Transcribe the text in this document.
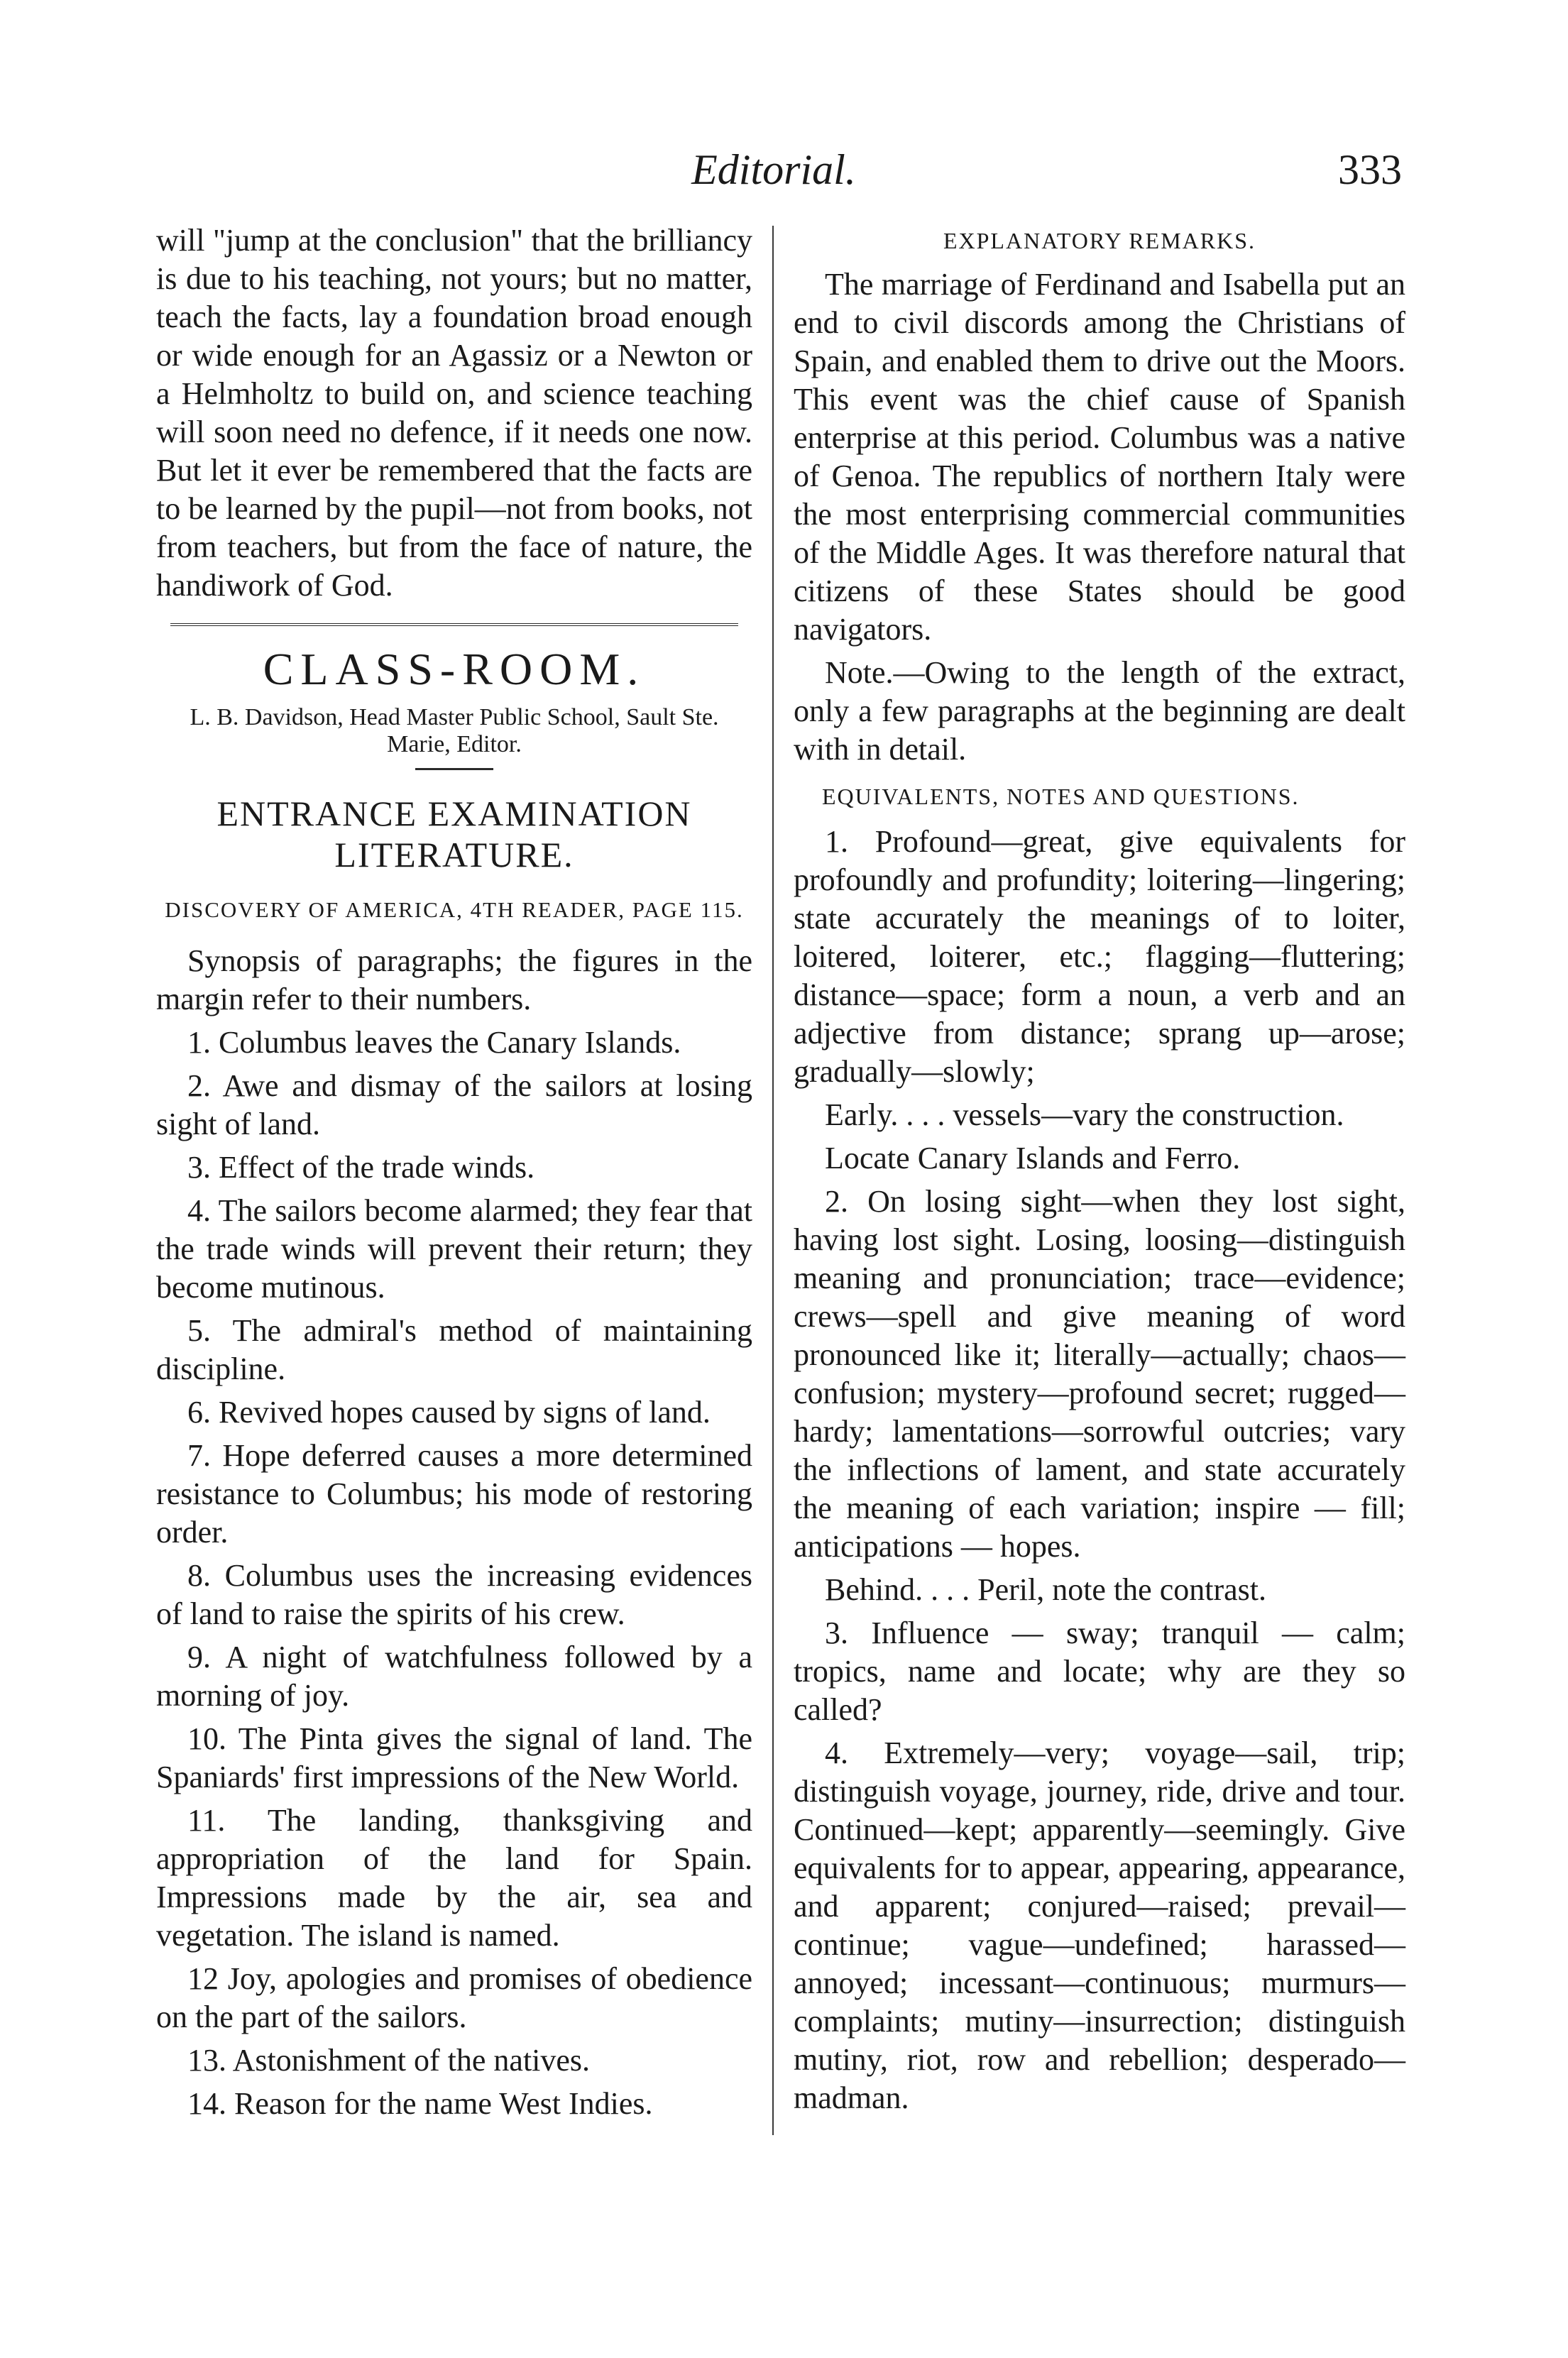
Editorial.	333

will "jump at the conclusion" that the brilliancy is due to his teaching, not yours; but no matter, teach the facts, lay a foundation broad enough or wide enough for an Agassiz or a Newton or a Helmholtz to build on, and science teaching will soon need no defence, if it needs one now. But let it ever be remembered that the facts are to be learned by the pupil—not from books, not from teachers, but from the face of nature, the handiwork of God.

CLASS-ROOM.
L. B. Davidson, Head Master Public School, Sault Ste. Marie, Editor.
ENTRANCE EXAMINATION LITERATURE.
DISCOVERY OF AMERICA, 4TH READER, PAGE 115.

Synopsis of paragraphs; the figures in the margin refer to their numbers.

1. Columbus leaves the Canary Islands.

2. Awe and dismay of the sailors at losing sight of land.

3. Effect of the trade winds.

4. The sailors become alarmed; they fear that the trade winds will prevent their return; they become mutinous.

5. The admiral's method of maintaining discipline.

6. Revived hopes caused by signs of land.

7. Hope deferred causes a more determined resistance to Columbus; his mode of restoring order.

8. Columbus uses the increasing evidences of land to raise the spirits of his crew.

9. A night of watchfulness followed by a morning of joy.

10. The Pinta gives the signal of land. The Spaniards' first impressions of the New World.

11. The landing, thanksgiving and appropriation of the land for Spain. Impressions made by the air, sea and vegetation. The island is named.

12 Joy, apologies and promises of obedience on the part of the sailors.

13. Astonishment of the natives.

14. Reason for the name West Indies.

EXPLANATORY REMARKS.

The marriage of Ferdinand and Isabella put an end to civil discords among the Christians of Spain, and enabled them to drive out the Moors. This event was the chief cause of Spanish enterprise at this period. Columbus was a native of Genoa. The republics of northern Italy were the most enterprising commercial communities of the Middle Ages. It was therefore natural that citizens of these States should be good navigators.

Note.—Owing to the length of the extract, only a few paragraphs at the beginning are dealt with in detail.

EQUIVALENTS, NOTES AND QUESTIONS.

1. Profound—great, give equivalents for profoundly and profundity; loitering—lingering; state accurately the meanings of to loiter, loitered, loiterer, etc.; flagging—fluttering; distance—space; form a noun, a verb and an adjective from distance; sprang up—arose; gradually—slowly;

Early. . . . vessels—vary the construction.

Locate Canary Islands and Ferro.

2. On losing sight—when they lost sight, having lost sight. Losing, loosing—distinguish meaning and pronunciation; trace—evidence; crews—spell and give meaning of word pronounced like it; literally—actually; chaos—confusion; mystery—profound secret; rugged—hardy; lamentations—sorrowful outcries; vary the inflections of lament, and state accurately the meaning of each variation; inspire — fill; anticipations — hopes.

Behind. . . . Peril, note the contrast.

3. Influence — sway; tranquil — calm; tropics, name and locate; why are they so called?

4. Extremely—very; voyage—sail, trip; distinguish voyage, journey, ride, drive and tour. Continued—kept; apparently—seemingly. Give equivalents for to appear, appearing, appearance, and apparent; conjured—raised; prevail—continue; vague—undefined; harassed—annoyed; incessant—continuous; murmurs—complaints; mutiny—insurrection; distinguish mutiny, riot, row and rebellion; desperado—madman.
